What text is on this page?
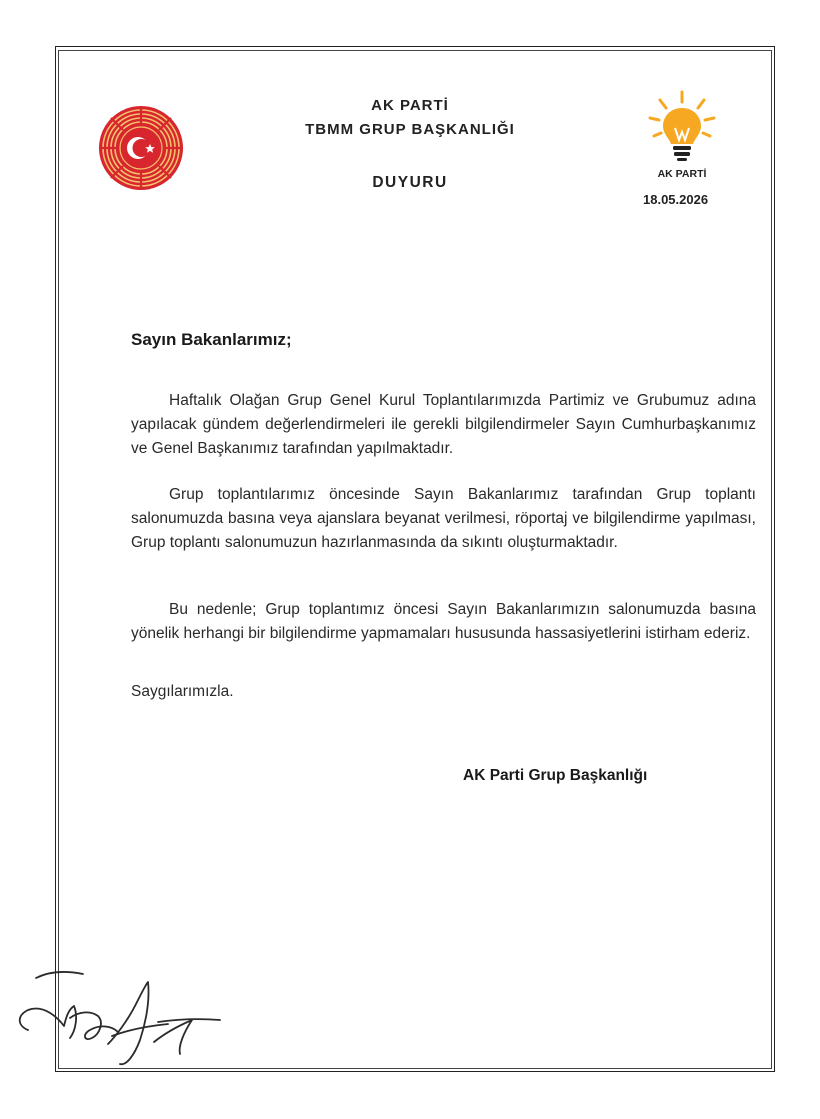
AK PARTİ
AK PARTİ
TBMM GRUP BAŞKANLIĞI
DUYURU
18.05.2026
Sayın Bakanlarımız;
Haftalık Olağan Grup Genel Kurul Toplantılarımızda Partimiz ve Grubumuz adına yapılacak gündem değerlendirmeleri ile gerekli bilgilendirmeler Sayın Cumhurbaşkanımız ve Genel Başkanımız tarafından yapılmaktadır.
Grup toplantılarımız öncesinde Sayın Bakanlarımız tarafından Grup toplantı salonumuzda basına veya ajanslara beyanat verilmesi, röportaj ve bilgilendirme yapılması, Grup toplantı salonumuzun hazırlanmasında da sıkıntı oluşturmaktadır.
Bu nedenle; Grup toplantımız öncesi Sayın Bakanlarımızın salonumuzda basına yönelik herhangi bir bilgilendirme yapmamaları hususunda hassasiyetlerini istirham ederiz.
Saygılarımızla.
AK Parti Grup Başkanlığı
